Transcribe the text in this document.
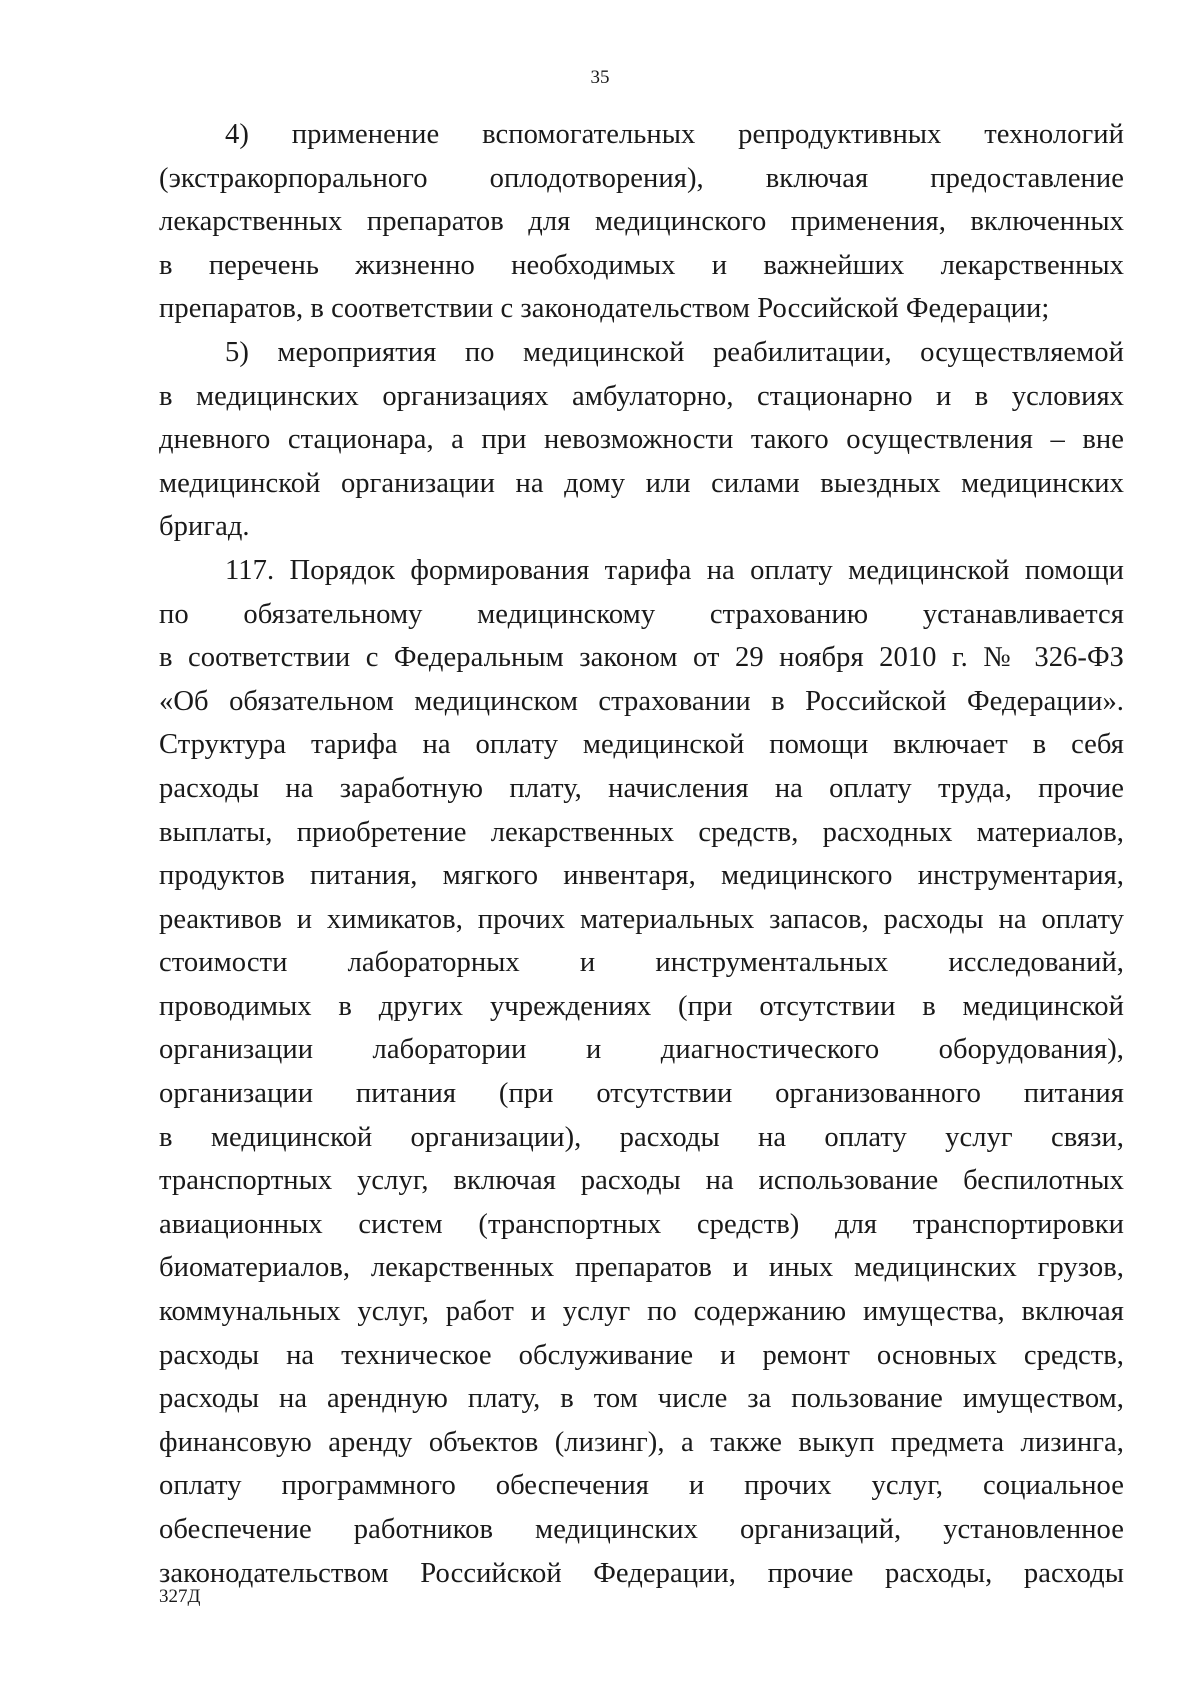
35
4) применение вспомогательных репродуктивных технологий
(экстракорпорального оплодотворения), включая предоставление
лекарственных препаратов для медицинского применения, включенных
в перечень жизненно необходимых и важнейших лекарственных
препаратов, в соответствии с законодательством Российской Федерации;
5) мероприятия по медицинской реабилитации, осуществляемой
в медицинских организациях амбулаторно, стационарно и в условиях
дневного стационара, а при невозможности такого осуществления – вне
медицинской организации на дому или силами выездных медицинских
бригад.
117. Порядок формирования тарифа на оплату медицинской помощи
по обязательному медицинскому страхованию устанавливается
в соответствии с Федеральным законом от 29 ноября 2010 г. № 326-ФЗ
«Об обязательном медицинском страховании в Российской Федерации».
Структура тарифа на оплату медицинской помощи включает в себя
расходы на заработную плату, начисления на оплату труда, прочие
выплаты, приобретение лекарственных средств, расходных материалов,
продуктов питания, мягкого инвентаря, медицинского инструментария,
реактивов и химикатов, прочих материальных запасов, расходы на оплату
стоимости лабораторных и инструментальных исследований,
проводимых в других учреждениях (при отсутствии в медицинской
организации лаборатории и диагностического оборудования),
организации питания (при отсутствии организованного питания
в медицинской организации), расходы на оплату услуг связи,
транспортных услуг, включая расходы на использование беспилотных
авиационных систем (транспортных средств) для транспортировки
биоматериалов, лекарственных препаратов и иных медицинских грузов,
коммунальных услуг, работ и услуг по содержанию имущества, включая
расходы на техническое обслуживание и ремонт основных средств,
расходы на арендную плату, в том числе за пользование имуществом,
финансовую аренду объектов (лизинг), а также выкуп предмета лизинга,
оплату программного обеспечения и прочих услуг, социальное
обеспечение работников медицинских организаций, установленное
законодательством Российской Федерации, прочие расходы, расходы
327Д
